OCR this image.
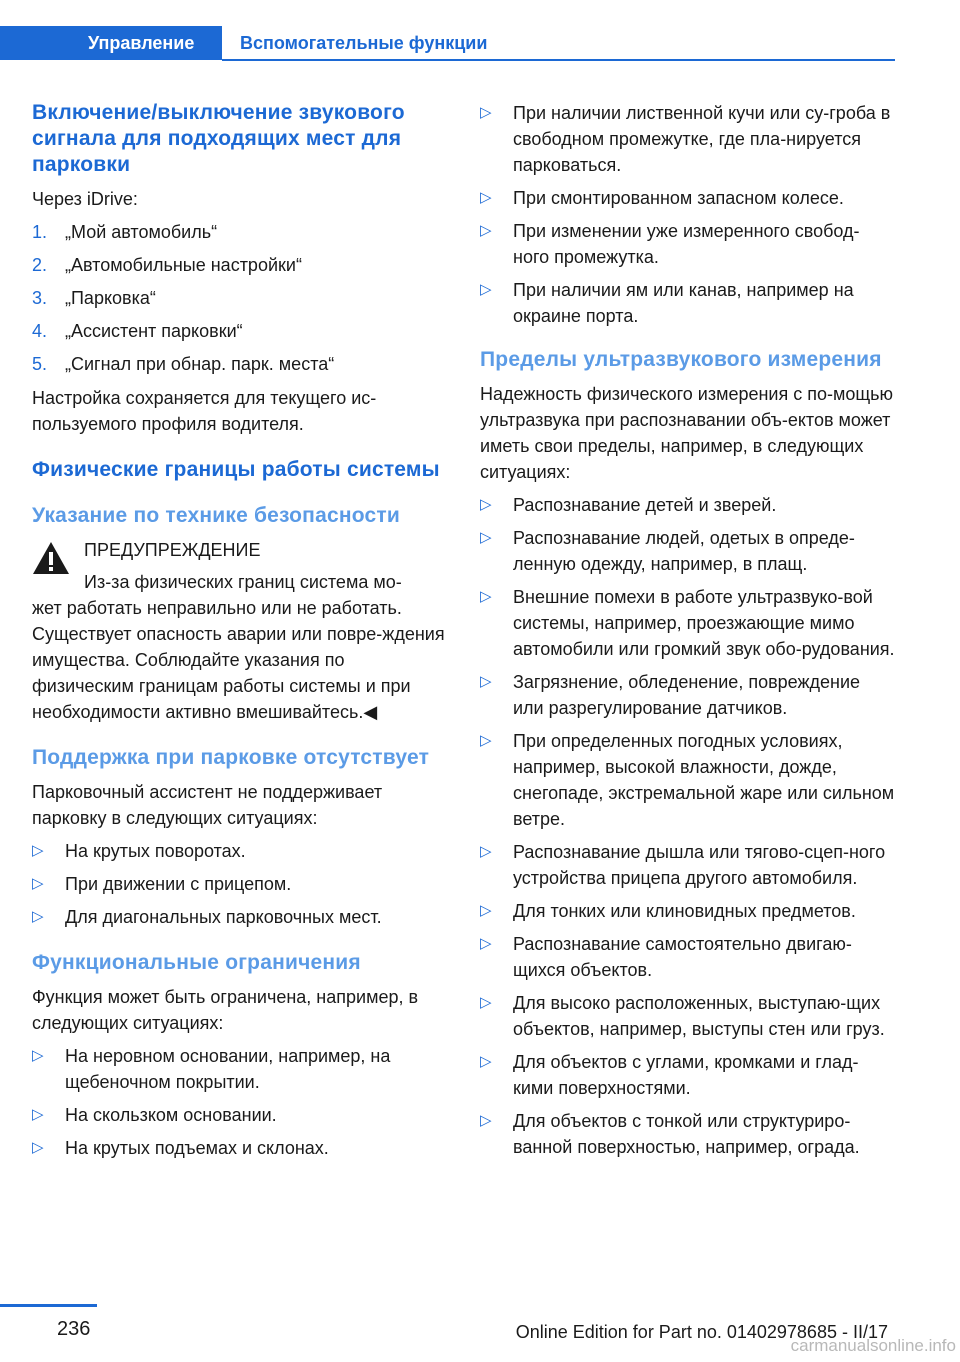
Управление	Вспомогательные функции
Включение/выключение звукового сигнала для подходящих мест для парковки

Через iDrive:

1. „Мой автомобиль“
2. „Автомобильные настройки“
3. „Парковка“
4. „Ассистент парковки“
5. „Сигнал при обнар. парк. места“

Настройка сохраняется для текущего ис-пользуемого профиля водителя.

Физические границы работы системы
Указание по технике безопасности
ПРЕДУПРЕЖДЕНИЕ
Из-за физических границ система мо-
жет работать неправильно или не работать. Существует опасность аварии или повре-ждения имущества. Соблюдайте указания по физическим границам работы системы и при необходимости активно вмешивайтесь.◀
Поддержка при парковке отсутствует

Парковочный ассистент не поддерживает парковку в следующих ситуациях:

▷ На крутых поворотах.
▷ При движении с прицепом.
▷ Для диагональных парковочных мест.
Функциональные ограничения

Функция может быть ограничена, например, в следующих ситуациях:

▷ На неровном основании, например, на щебеночном покрытии.
▷ На скользком основании.
▷ На крутых подъемах и склонах.
▷ При наличии лиственной кучи или су-гроба в свободном промежутке, где пла-нируется парковаться.
▷ При смонтированном запасном колесе.
▷ При изменении уже измеренного свобод-ного промежутка.
▷ При наличии ям или канав, например на окраине порта.
Пределы ультразвукового измерения

Надежность физического измерения с по-мощью ультразвука при распознавании объ-ектов может иметь свои пределы, например, в следующих ситуациях:

▷ Распознавание детей и зверей.
▷ Распознавание людей, одетых в опреде-ленную одежду, например, в плащ.
▷ Внешние помехи в работе ультразвуко-вой системы, например, проезжающие мимо автомобили или громкий звук обо-рудования.
▷ Загрязнение, обледенение, повреждение или разрегулирование датчиков.
▷ При определенных погодных условиях, например, высокой влажности, дожде, снегопаде, экстремальной жаре или сильном ветре.
▷ Распознавание дышла или тягово-сцеп-ного устройства прицепа другого автомобиля.
▷ Для тонких или клиновидных предметов.
▷ Распознавание самостоятельно двигаю-щихся объектов.
▷ Для высоко расположенных, выступаю-щих объектов, например, выступы стен или груз.
▷ Для объектов с углами, кромками и глад-кими поверхностями.
▷ Для объектов с тонкой или структуриро-ванной поверхностью, например, ограда.
236	Online Edition for Part no. 01402978685 - II/17
carmanualsonline.info
